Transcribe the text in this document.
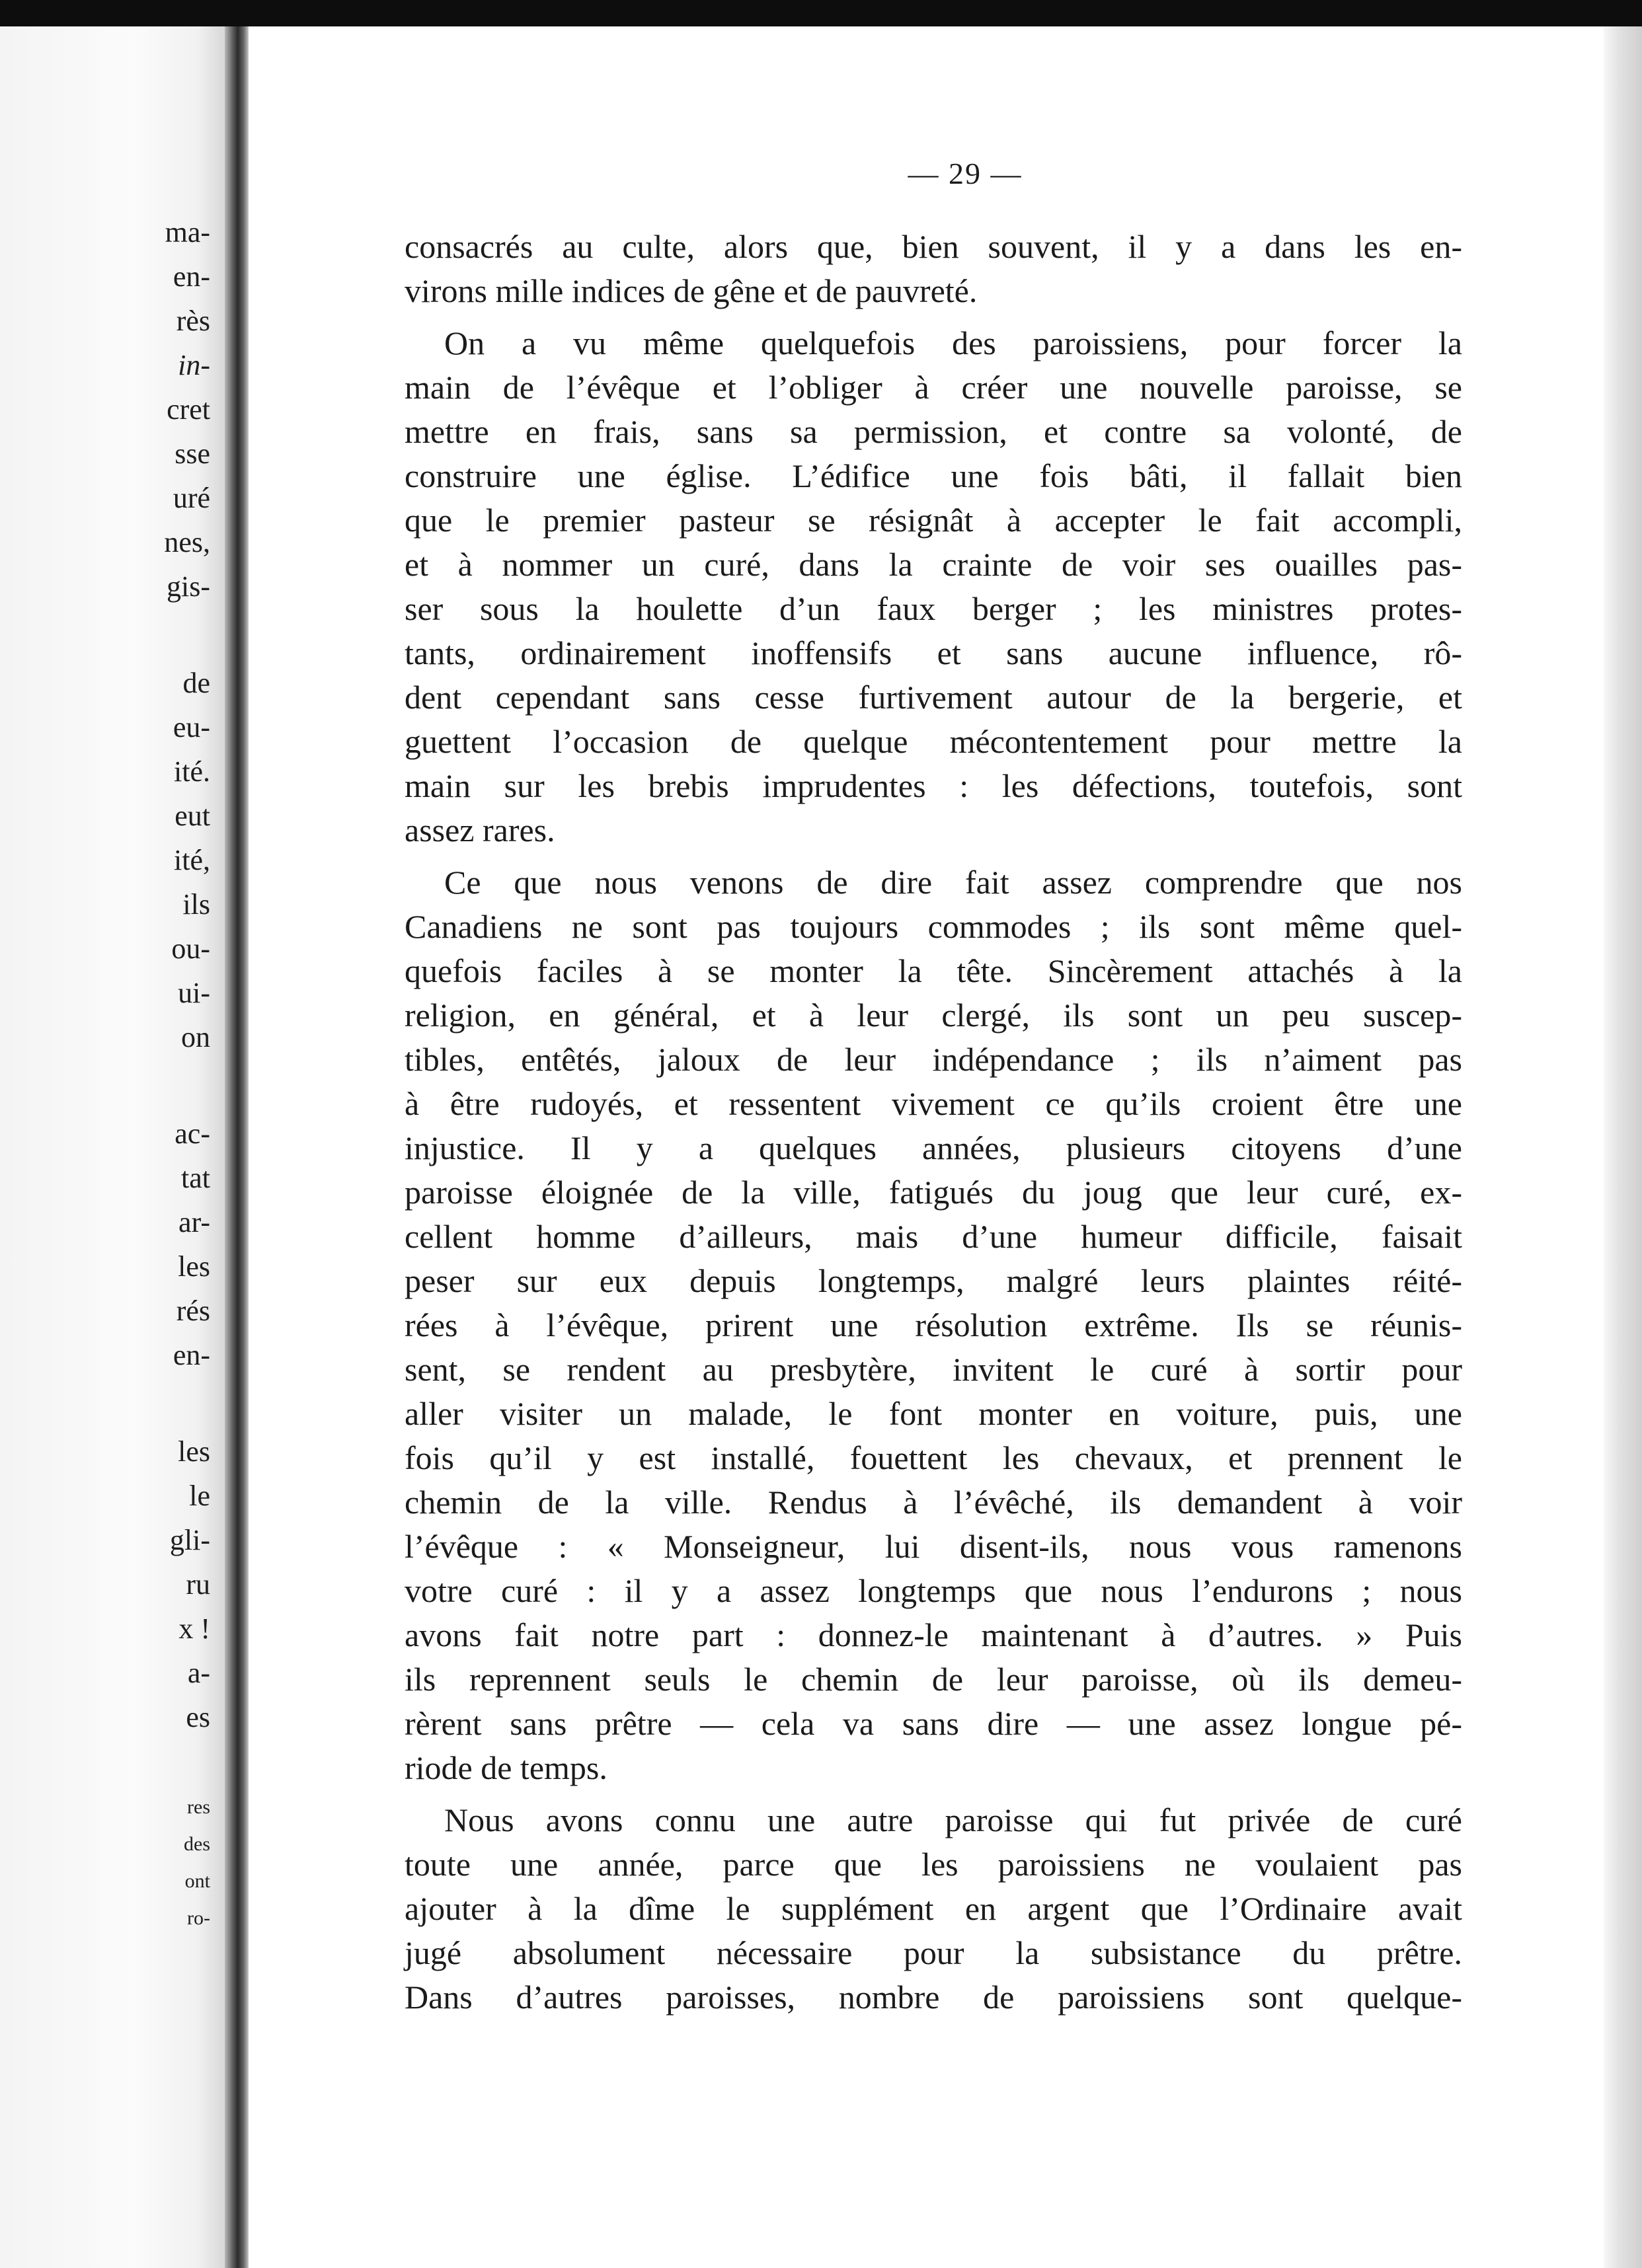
ma-
en-
rès
in-
cret
sse
uré
nes,
gis-
de
eu-
ité.
eut
ité,
ils
ou-
ui-
on
ac-
tat
ar-
les
rés
en-
les
le
gli-
ru
x !
a-
es
res
des
ont
ro-
— 29 —
consacrés au culte, alors que, bien souvent, il y a dans les en-
virons mille indices de gêne et de pauvreté.
On a vu même quelquefois des paroissiens, pour forcer la
main de l’évêque et l’obliger à créer une nouvelle paroisse, se
mettre en frais, sans sa permission, et contre sa volonté, de
construire une église. L’édifice une fois bâti, il fallait bien
que le premier pasteur se résignât à accepter le fait accompli,
et à nommer un curé, dans la crainte de voir ses ouailles pas-
ser sous la houlette d’un faux berger ; les ministres protes-
tants, ordinairement inoffensifs et sans aucune influence, rô-
dent cependant sans cesse furtivement autour de la bergerie, et
guettent l’occasion de quelque mécontentement pour mettre la
main sur les brebis imprudentes : les défections, toutefois, sont
assez rares.
Ce que nous venons de dire fait assez comprendre que nos
Canadiens ne sont pas toujours commodes ; ils sont même quel-
quefois faciles à se monter la tête. Sincèrement attachés à la
religion, en général, et à leur clergé, ils sont un peu suscep-
tibles, entêtés, jaloux de leur indépendance ; ils n’aiment pas
à être rudoyés, et ressentent vivement ce qu’ils croient être une
injustice. Il y a quelques années, plusieurs citoyens d’une
paroisse éloignée de la ville, fatigués du joug que leur curé, ex-
cellent homme d’ailleurs, mais d’une humeur difficile, faisait
peser sur eux depuis longtemps, malgré leurs plaintes réité-
rées à l’évêque, prirent une résolution extrême. Ils se réunis-
sent, se rendent au presbytère, invitent le curé à sortir pour
aller visiter un malade, le font monter en voiture, puis, une
fois qu’il y est installé, fouettent les chevaux, et prennent le
chemin de la ville. Rendus à l’évêché, ils demandent à voir
l’évêque : « Monseigneur, lui disent-ils, nous vous ramenons
votre curé : il y a assez longtemps que nous l’endurons ; nous
avons fait notre part : donnez-le maintenant à d’autres. » Puis
ils reprennent seuls le chemin de leur paroisse, où ils demeu-
rèrent sans prêtre — cela va sans dire — une assez longue pé-
riode de temps.
Nous avons connu une autre paroisse qui fut privée de curé
toute une année, parce que les paroissiens ne voulaient pas
ajouter à la dîme le supplément en argent que l’Ordinaire avait
jugé absolument nécessaire pour la subsistance du prêtre.
Dans d’autres paroisses, nombre de paroissiens sont quelque-
